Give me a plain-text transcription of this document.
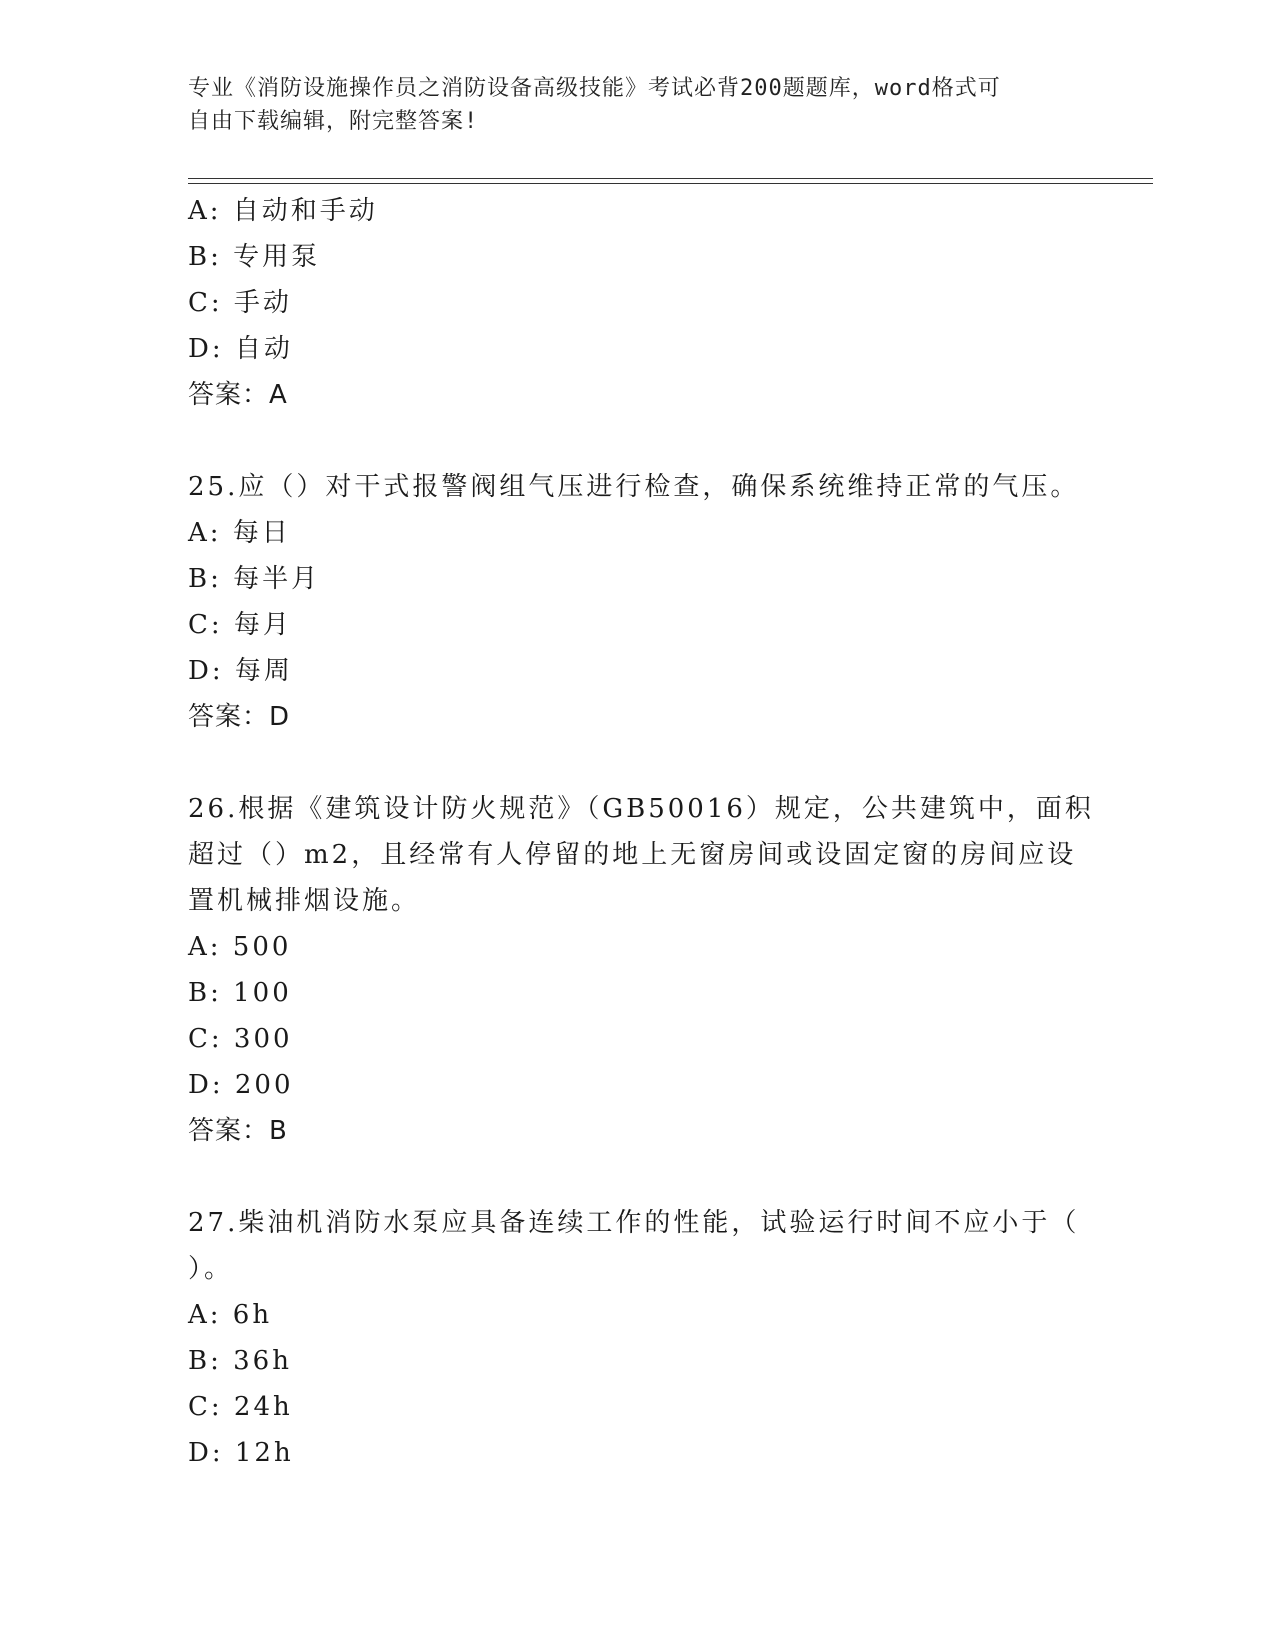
专业《消防设施操作员之消防设备高级技能》考试必背200题题库，word格式可
自由下载编辑，附完整答案!
A: 自动和手动
B: 专用泵
C: 手动
D: 自动
答案：A
25.应（）对干式报警阀组气压进行检查，确保系统维持正常的气压。
A: 每日
B: 每半月
C: 每月
D: 每周
答案：D
26.根据《建筑设计防火规范》（GB50016）规定，公共建筑中，面积
超过（）m2，且经常有人停留的地上无窗房间或设固定窗的房间应设
置机械排烟设施。
A: 500
B: 100
C: 300
D: 200
答案：B
27.柴油机消防水泵应具备连续工作的性能，试验运行时间不应小于（
）。
A: 6h
B: 36h
C: 24h
D: 12h
